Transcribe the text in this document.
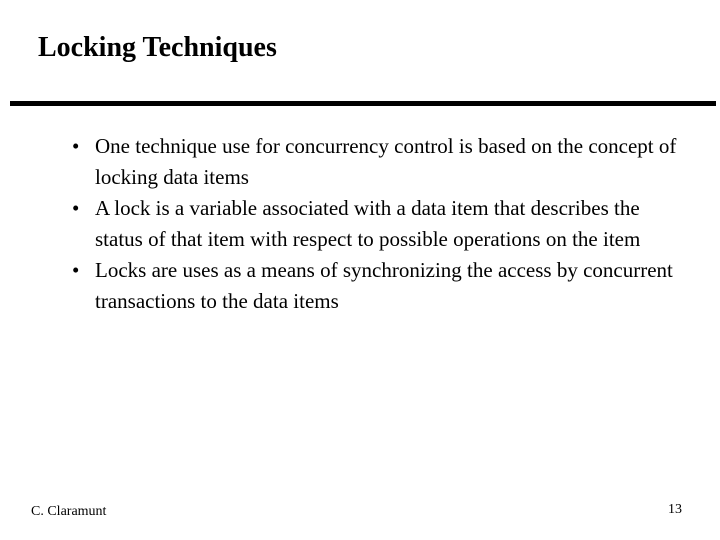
Locking Techniques
• One technique use for concurrency control is based on the concept of locking data items
• A lock is a variable associated with a data item that describes the status of that item with respect to possible operations on the item
• Locks are uses as a means of synchronizing the access by concurrent transactions to the data items
C. Claramunt	13
